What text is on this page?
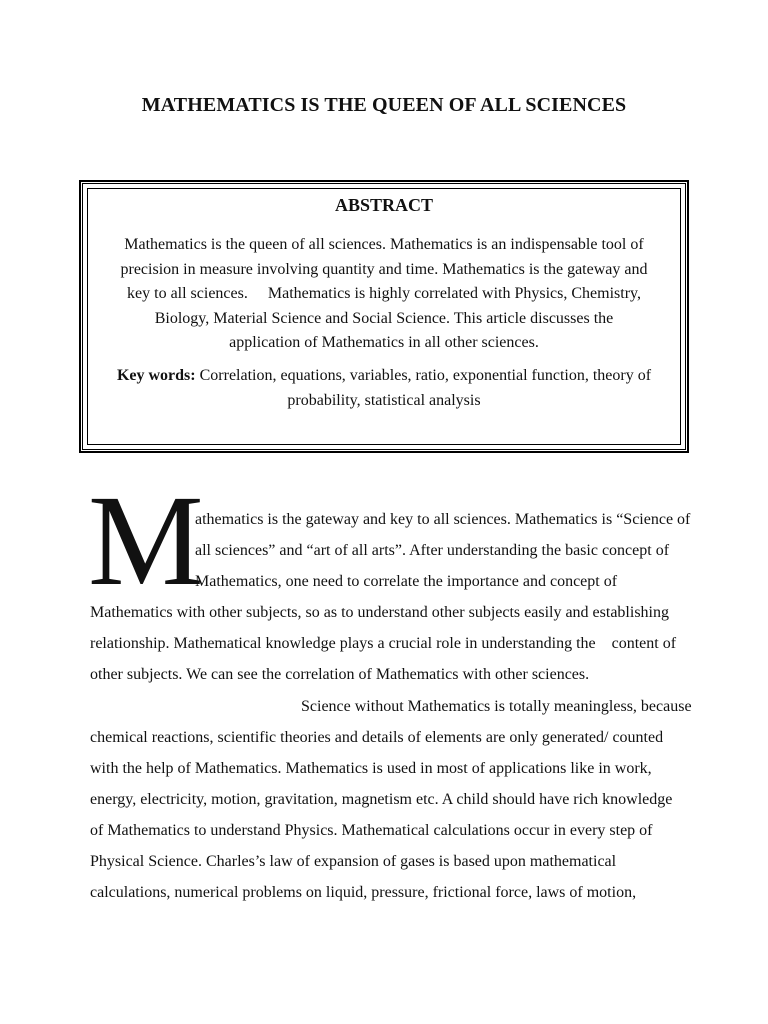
MATHEMATICS IS THE QUEEN OF ALL SCIENCES
ABSTRACT
Mathematics is the queen of all sciences. Mathematics is an indispensable tool of
precision in measure involving quantity and time. Mathematics is the gateway and
key to all sciences.     Mathematics is highly correlated with Physics, Chemistry,
Biology, Material Science and Social Science. This article discusses the
application of Mathematics in all other sciences.
Key words: Correlation, equations, variables, ratio, exponential function, theory of
probability, statistical analysis
M
athematics is the gateway and key to all sciences. Mathematics is “Science of
all sciences” and “art of all arts”. After understanding the basic concept of
Mathematics, one need to correlate the importance and concept of
Mathematics with other subjects, so as to understand other subjects easily and establishing
relationship. Mathematical knowledge plays a crucial role in understanding the    content of
other subjects. We can see the correlation of Mathematics with other sciences.
Science without Mathematics is totally meaningless, because
chemical reactions, scientific theories and details of elements are only generated/ counted
with the help of Mathematics. Mathematics is used in most of applications like in work,
energy, electricity, motion, gravitation, magnetism etc. A child should have rich knowledge
of Mathematics to understand Physics. Mathematical calculations occur in every step of
Physical Science. Charles’s law of expansion of gases is based upon mathematical
calculations, numerical problems on liquid, pressure, frictional force, laws of motion,
